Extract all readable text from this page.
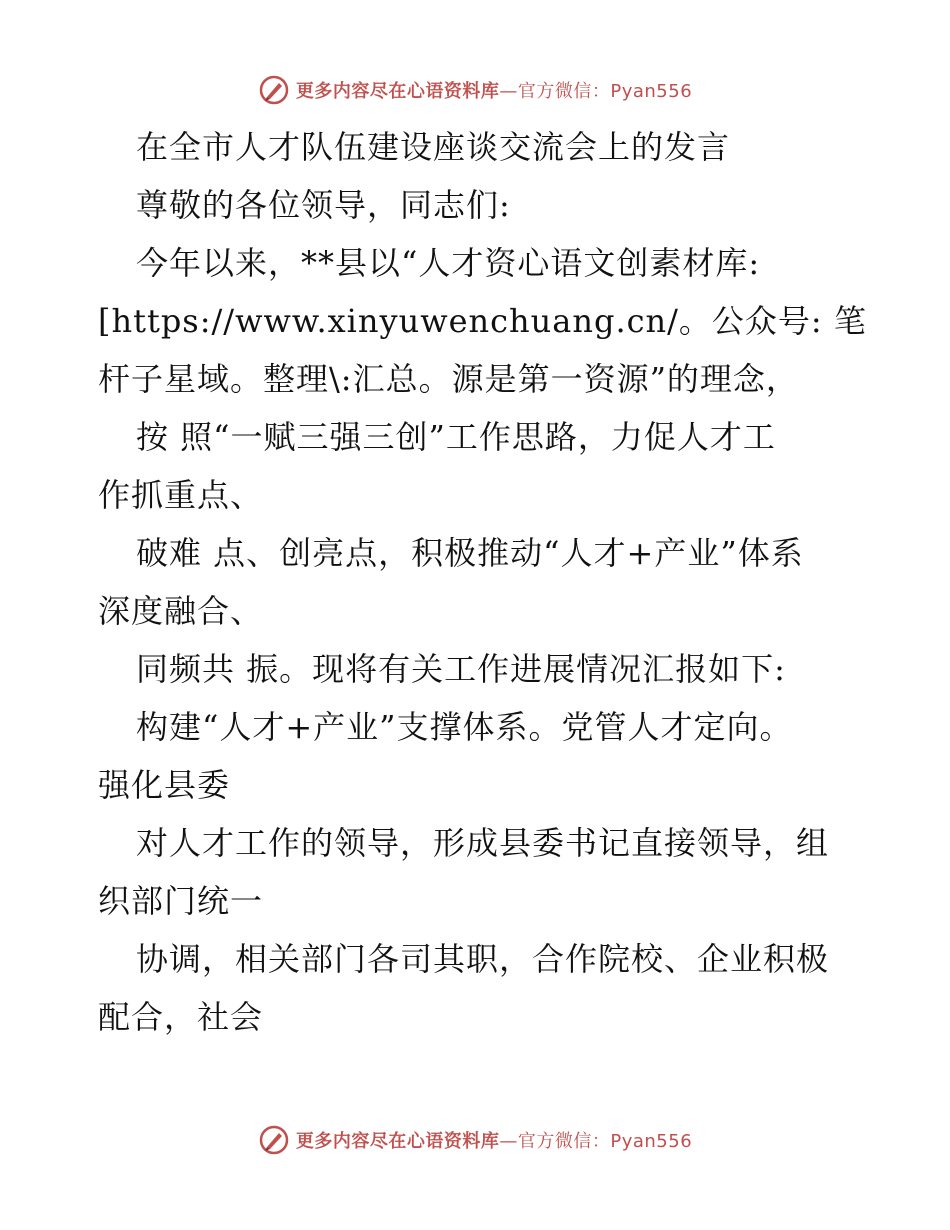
更多内容尽在心语资料库—官方微信：Pyan556
在全市人才队伍建设座谈交流会上的发言
尊敬的各位领导，同志们:
今年以来，**县以“人才资心语文创素材库:
[https://www.xinyuwenchuang.cn/。公众号: 笔
杆子星域。整理\:汇总。源是第一资源”的理念，
按 照“一赋三强三创”工作思路，力促人才工
作抓重点、
破难 点、创亮点，积极推动“人才+产业”体系
深度融合、
同频共 振。现将有关工作进展情况汇报如下:
构建“人才+产业”支撑体系。党管人才定向。
强化县委
对人才工作的领导，形成县委书记直接领导，组
织部门统一
协调，相关部门各司其职，合作院校、企业积极
配合，社会
更多内容尽在心语资料库—官方微信：Pyan556
